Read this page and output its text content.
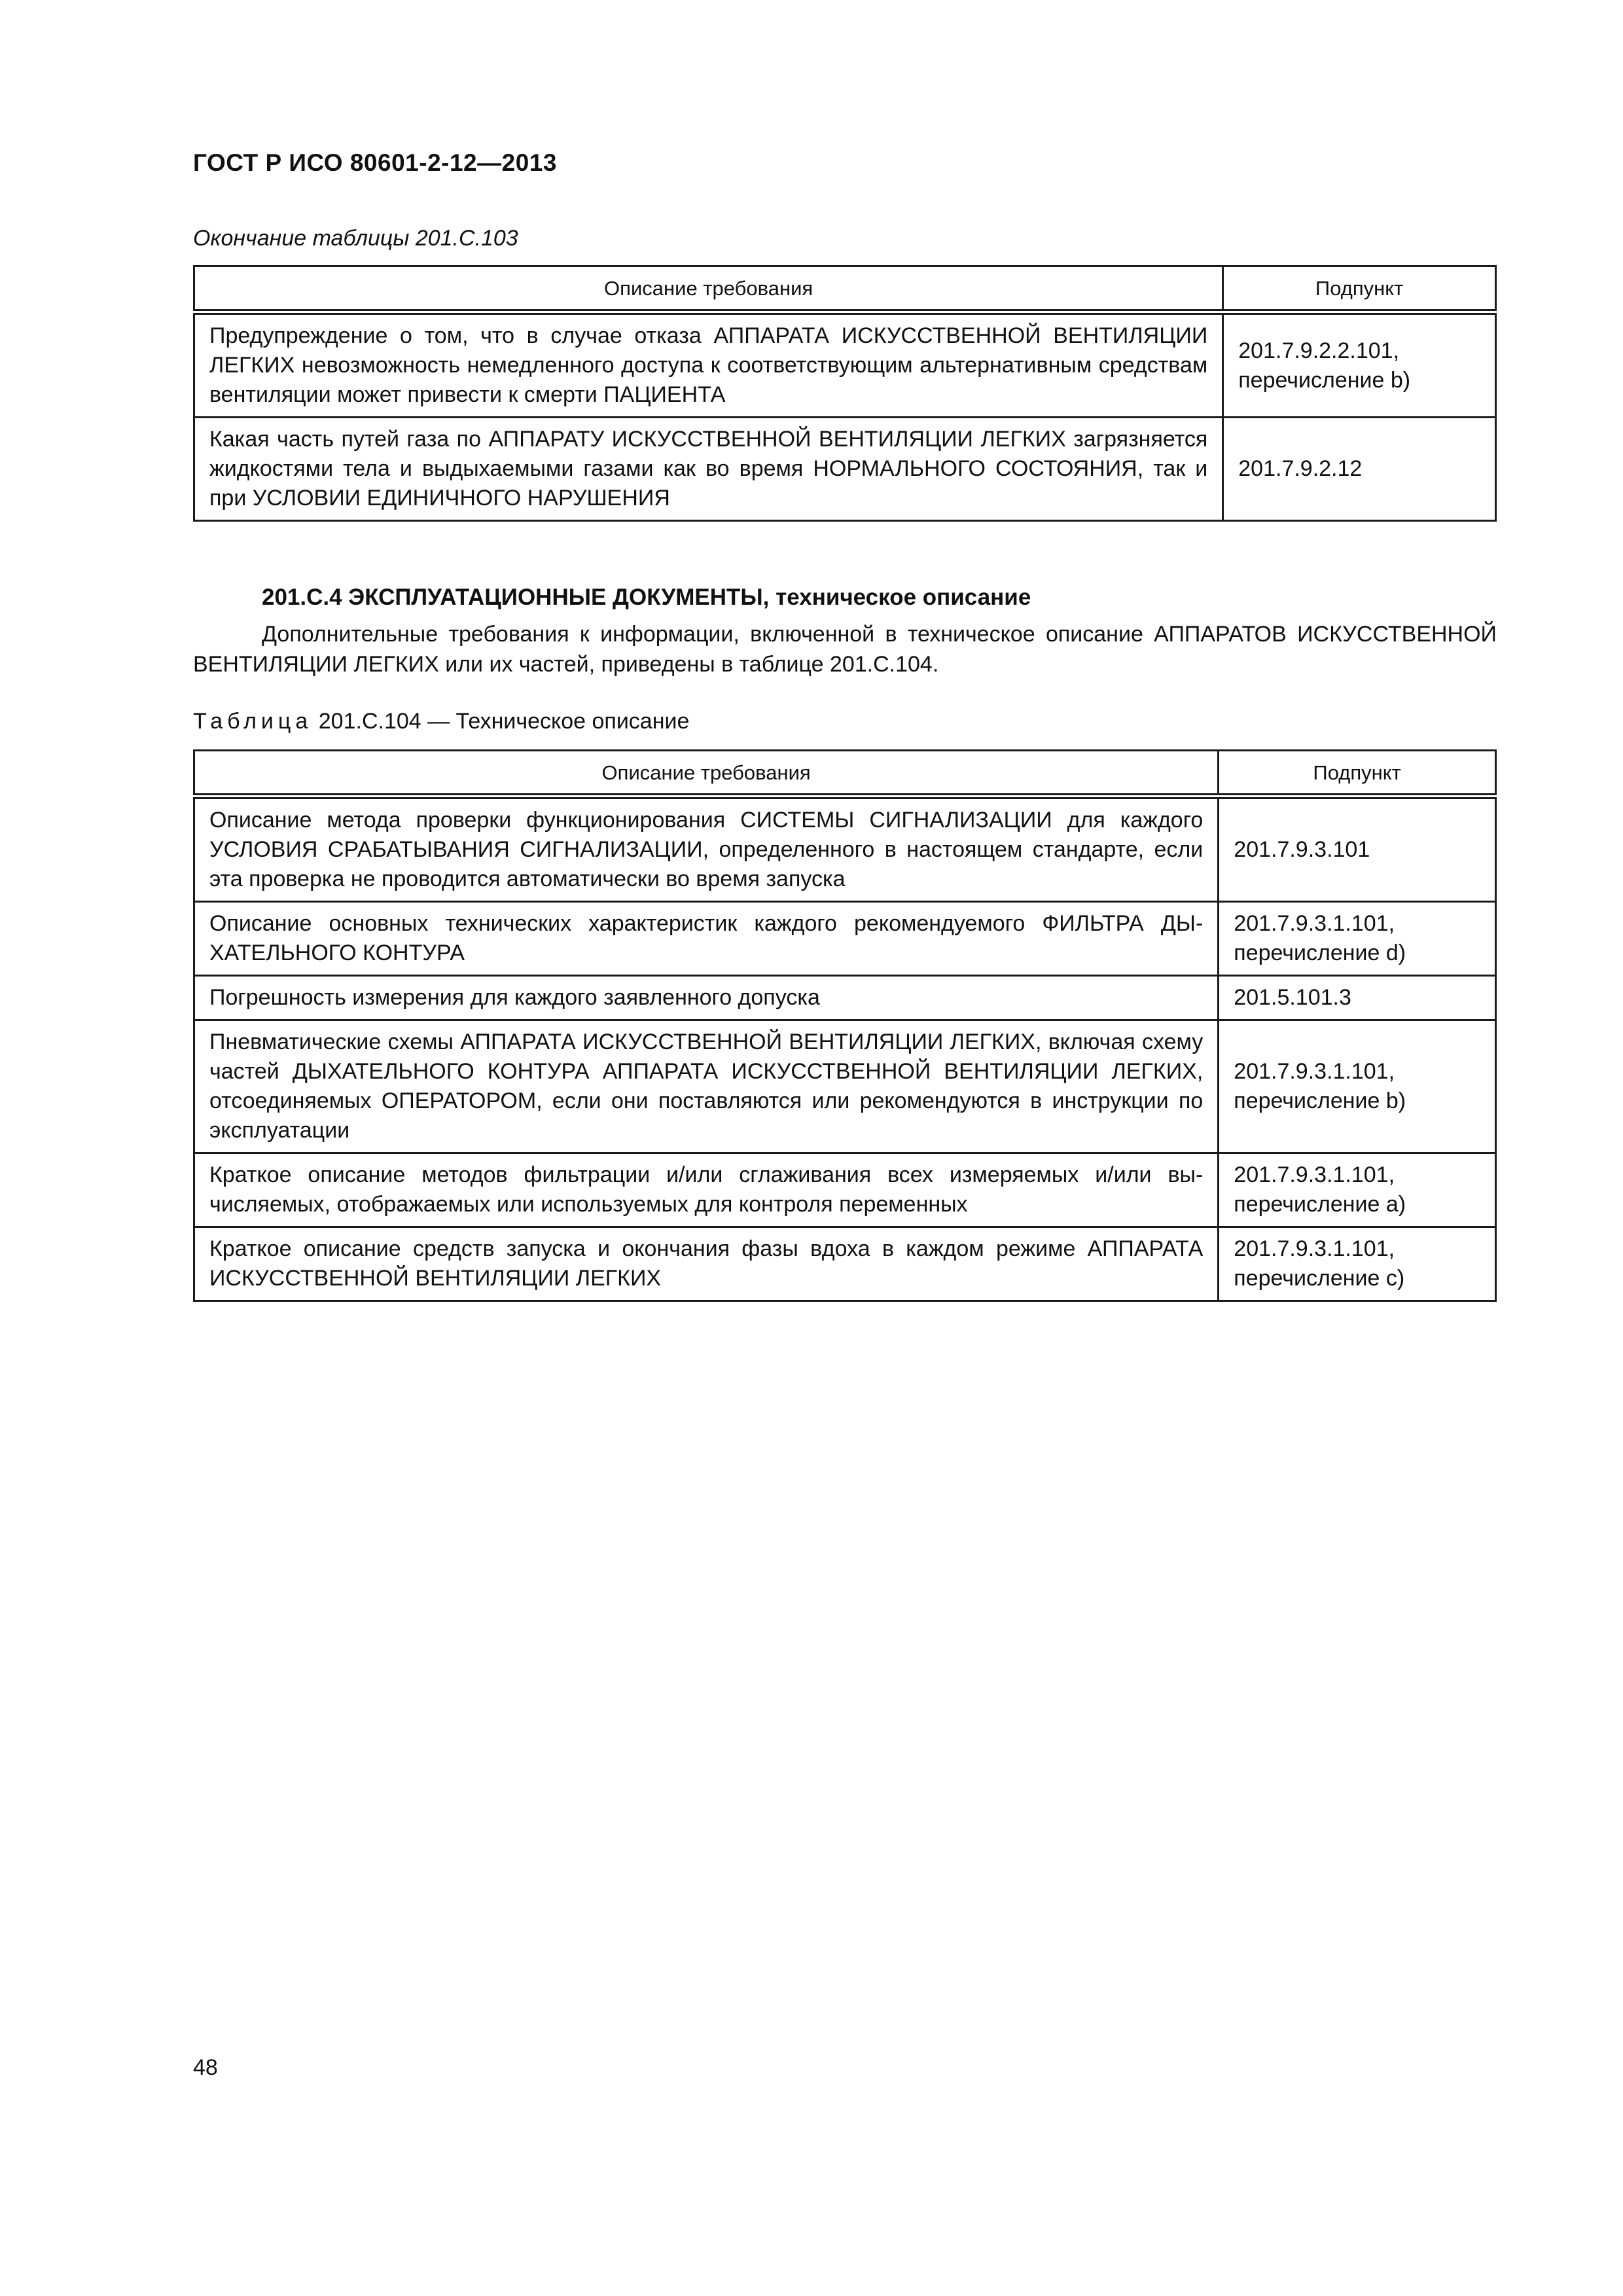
ГОСТ Р ИСО 80601-2-12—2013
Окончание таблицы 201.С.103
Описание требования	Подпункт
Предупреждение о том, что в случае отказа АППАРАТА ИСКУССТВЕННОЙ ВЕНТИЛЯЦИИ ЛЕГКИХ невозможность немедленного доступа к соответствующим альтернативным средствам вентиляции может привести к смерти ПАЦИЕНТА	201.7.9.2.2.101,
перечисление b)

Какая часть путей газа по АППАРАТУ ИСКУССТВЕННОЙ ВЕНТИЛЯЦИИ ЛЕГКИХ загрязняется жидкостями тела и выдыхаемыми газами как во время НОРМАЛЬНОГО СОСТОЯНИЯ, так и при УСЛОВИИ ЕДИНИЧНОГО НАРУШЕНИЯ	201.7.9.2.12
201.С.4 ЭКСПЛУАТАЦИОННЫЕ ДОКУМЕНТЫ, техническое описание
Дополнительные требования к информации, включенной в техническое описание АППАРАТОВ ИСКУССТВЕННОЙ ВЕНТИЛЯЦИИ ЛЕГКИХ или их частей, приведены в таблице 201.С.104.
Таблица 201.С.104 — Техническое описание
Описание требования	Подпункт
Описание метода проверки функционирования СИСТЕМЫ СИГНАЛИЗАЦИИ для каждого УСЛОВИЯ СРАБАТЫВАНИЯ СИГНАЛИЗАЦИИ, определенного в настоящем стандарте, если эта проверка не проводится автоматически во время запуска	201.7.9.3.101

Описание основных технических характеристик каждого рекомендуемого ФИЛЬТРА ДЫХАТЕЛЬНОГО КОНТУРА	201.7.9.3.1.101,
перечисление d)

Погрешность измерения для каждого заявленного допуска	201.5.101.3

Пневматические схемы АППАРАТА ИСКУССТВЕННОЙ ВЕНТИЛЯЦИИ ЛЕГКИХ, включая схему частей ДЫХАТЕЛЬНОГО КОНТУРА АППАРАТА ИСКУССТВЕННОЙ ВЕНТИЛЯЦИИ ЛЕГКИХ, отсоединяемых ОПЕРАТОРОМ, если они поставляются или рекомендуются в инструкции по эксплуатации	201.7.9.3.1.101,
перечисление b)

Краткое описание методов фильтрации и/или сглаживания всех измеряемых и/или вычисляемых, отображаемых или используемых для контроля переменных	201.7.9.3.1.101,
перечисление a)

Краткое описание средств запуска и окончания фазы вдоха в каждом режиме АППАРАТА ИСКУССТВЕННОЙ ВЕНТИЛЯЦИИ ЛЕГКИХ	201.7.9.3.1.101,
перечисление c)
48
